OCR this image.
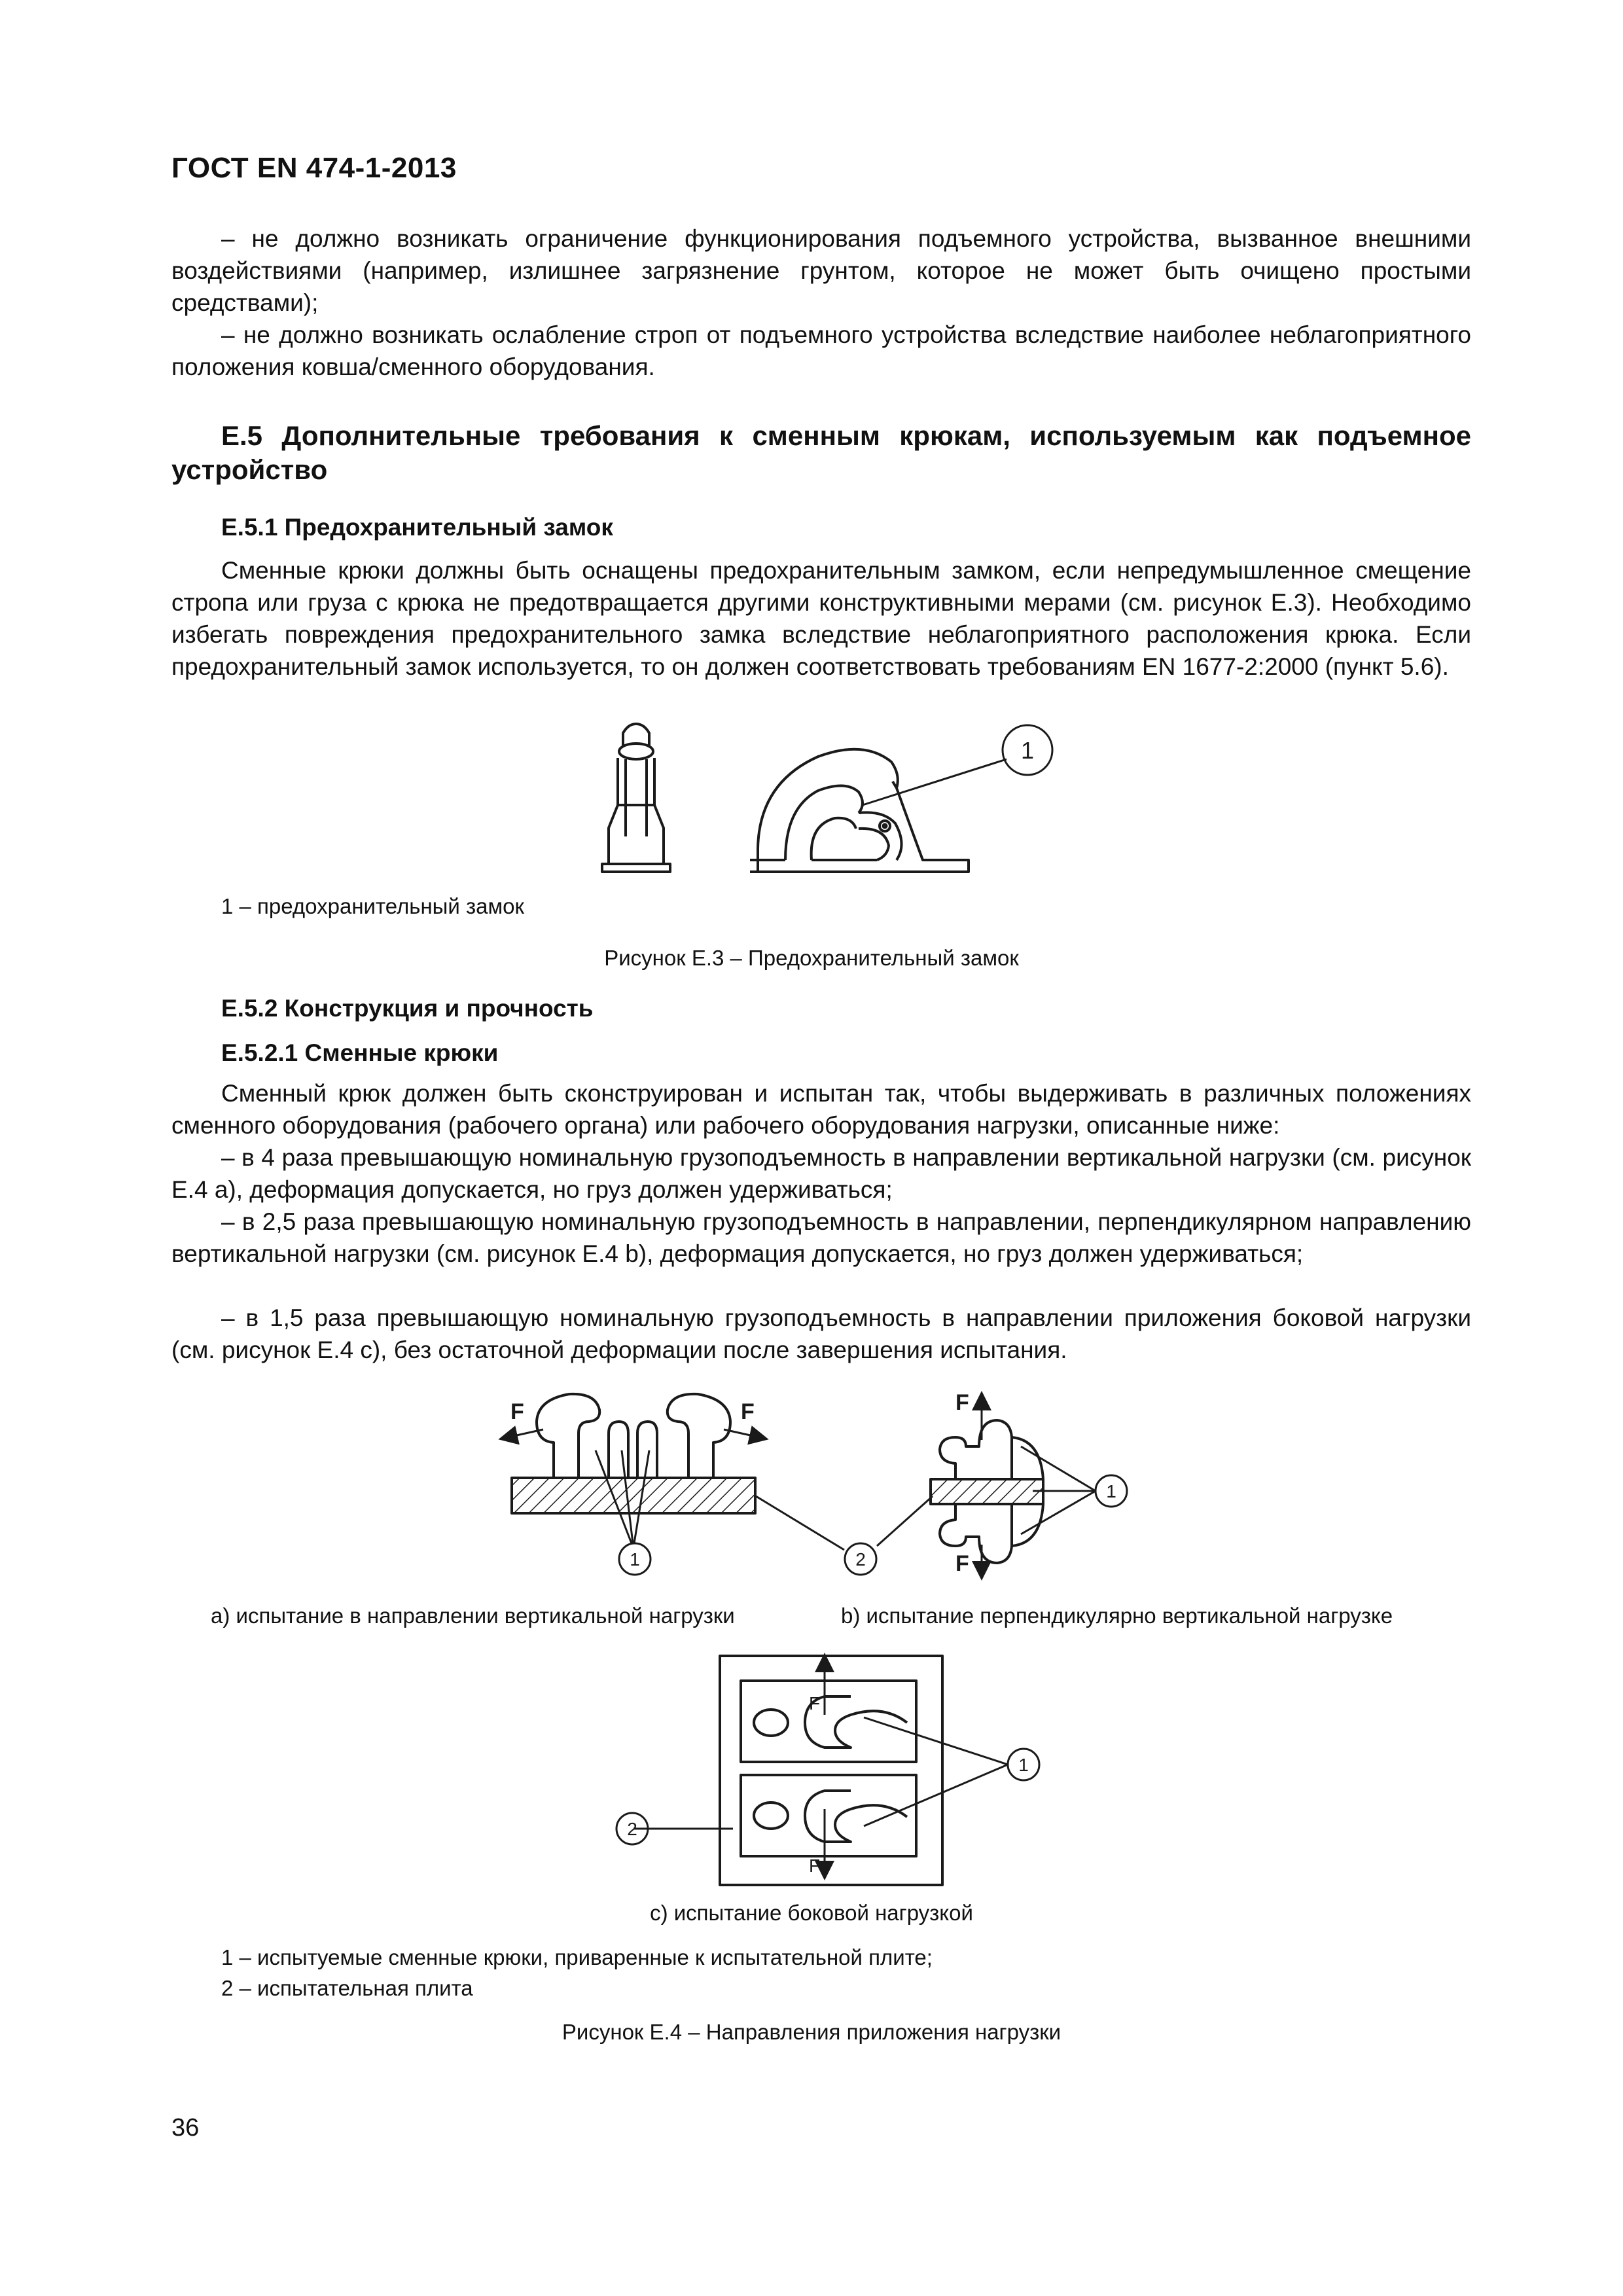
ГОСТ EN 474-1-2013

– не должно возникать ограничение функционирования подъемного устройства, вызванное внешними воздействиями (например, излишнее загрязнение грунтом, которое не может быть очищено простыми средствами);

– не должно возникать ослабление строп от подъемного устройства вследствие наиболее неблагоприятного положения ковша/сменного оборудования.

Е.5 Дополнительные требования к сменным крюкам, используемым как подъемное устройство

Е.5.1 Предохранительный замок

Сменные крюки должны быть оснащены предохранительным замком, если непредумышленное смещение стропа или груза с крюка не предотвращается другими конструктивными мерами (см. рисунок Е.3). Необходимо избегать повреждения предохранительного замка вследствие неблагоприятного расположения крюка. Если предохранительный замок используется, то он должен соответствовать требованиям EN 1677-2:2000 (пункт 5.6).

1
1 – предохранительный замок
Рисунок Е.3 – Предохранительный замок
Е.5.2 Конструкция и прочность
Е.5.2.1 Сменные крюки

Сменный крюк должен быть сконструирован и испытан так, чтобы выдерживать в различных положениях сменного оборудования (рабочего органа) или рабочего оборудования нагрузки, описанные ниже:

– в 4 раза превышающую номинальную грузоподъемность в направлении вертикальной нагрузки (см. рисунок Е.4 а), деформация допускается, но груз должен удерживаться;

– в 2,5 раза превышающую номинальную грузоподъемность в направлении, перпендикулярном направлению вертикальной нагрузки (см. рисунок Е.4 b), деформация допускается, но груз должен удерживаться;

– в 1,5 раза превышающую номинальную грузоподъемность в направлении приложения боковой нагрузки (см. рисунок Е.4 c), без остаточной деформации после завершения испытания.

F	F
1	2
F
F
1
а) испытание в направлении вертикальной нагрузки	b) испытание перпендикулярно вертикальной нагрузке
F
F
1
2
с) испытание боковой нагрузкой
1 – испытуемые сменные крюки, приваренные к испытательной плите;
2 – испытательная плита
Рисунок Е.4 – Направления приложения нагрузки
36
